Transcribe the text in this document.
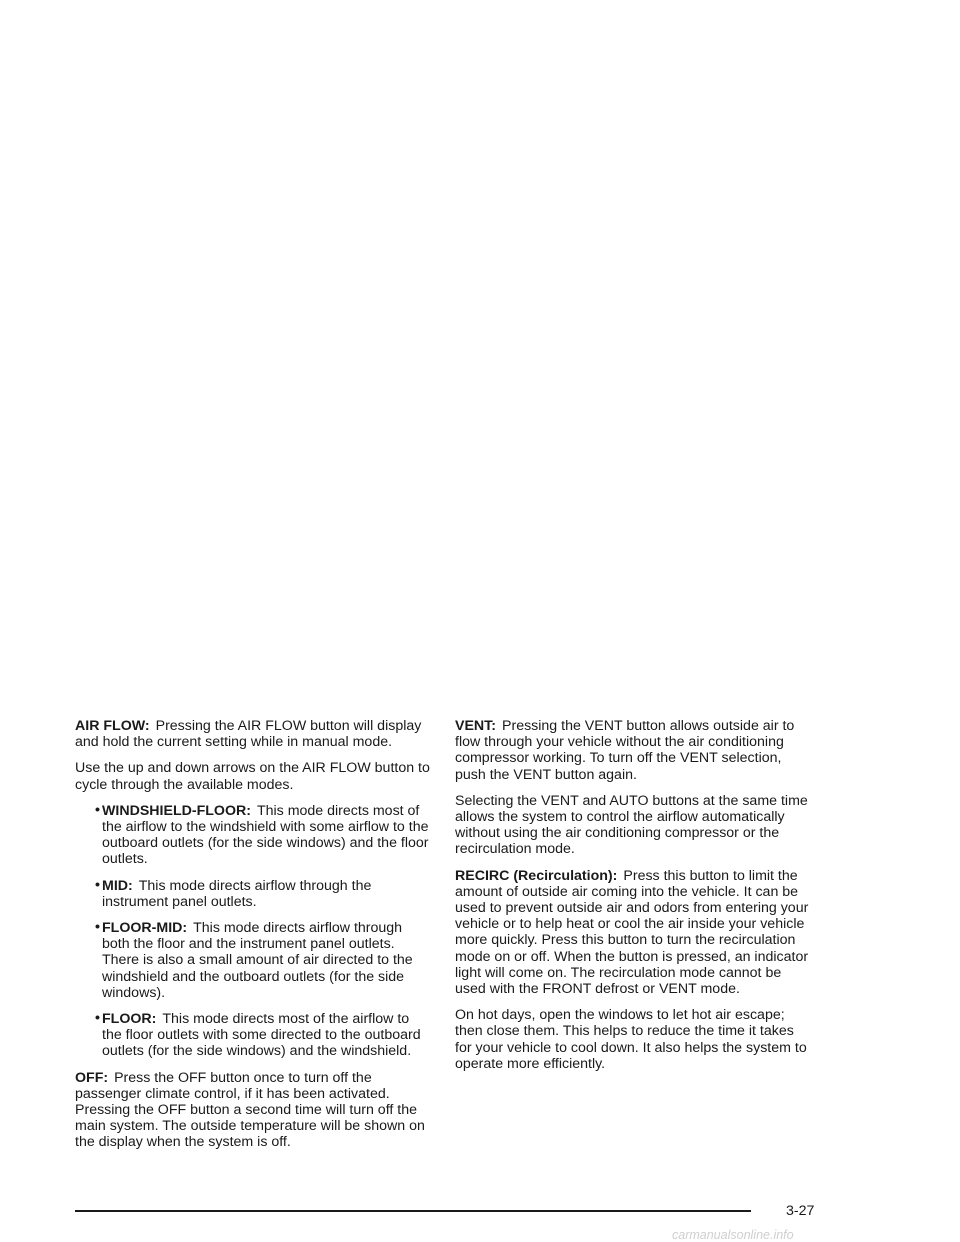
AIR FLOW: Pressing the AIR FLOW button will display and hold the current setting while in manual mode.

Use the up and down arrows on the AIR FLOW button to cycle through the available modes.

• WINDSHIELD-FLOOR: This mode directs most of the airflow to the windshield with some airflow to the outboard outlets (for the side windows) and the floor outlets.
• MID: This mode directs airflow through the instrument panel outlets.
• FLOOR-MID: This mode directs airflow through both the floor and the instrument panel outlets. There is also a small amount of air directed to the windshield and the outboard outlets (for the side windows).
• FLOOR: This mode directs most of the airflow to the floor outlets with some directed to the outboard outlets (for the side windows) and the windshield.

OFF: Press the OFF button once to turn off the passenger climate control, if it has been activated. Pressing the OFF button a second time will turn off the main system. The outside temperature will be shown on the display when the system is off.

VENT: Pressing the VENT button allows outside air to flow through your vehicle without the air conditioning compressor working. To turn off the VENT selection, push the VENT button again.

Selecting the VENT and AUTO buttons at the same time allows the system to control the airflow automatically without using the air conditioning compressor or the recirculation mode.

RECIRC (Recirculation): Press this button to limit the amount of outside air coming into the vehicle. It can be used to prevent outside air and odors from entering your vehicle or to help heat or cool the air inside your vehicle more quickly. Press this button to turn the recirculation mode on or off. When the button is pressed, an indicator light will come on. The recirculation mode cannot be used with the FRONT defrost or VENT mode.

On hot days, open the windows to let hot air escape; then close them. This helps to reduce the time it takes for your vehicle to cool down. It also helps the system to operate more efficiently.

3-27
carmanualsonline.info
